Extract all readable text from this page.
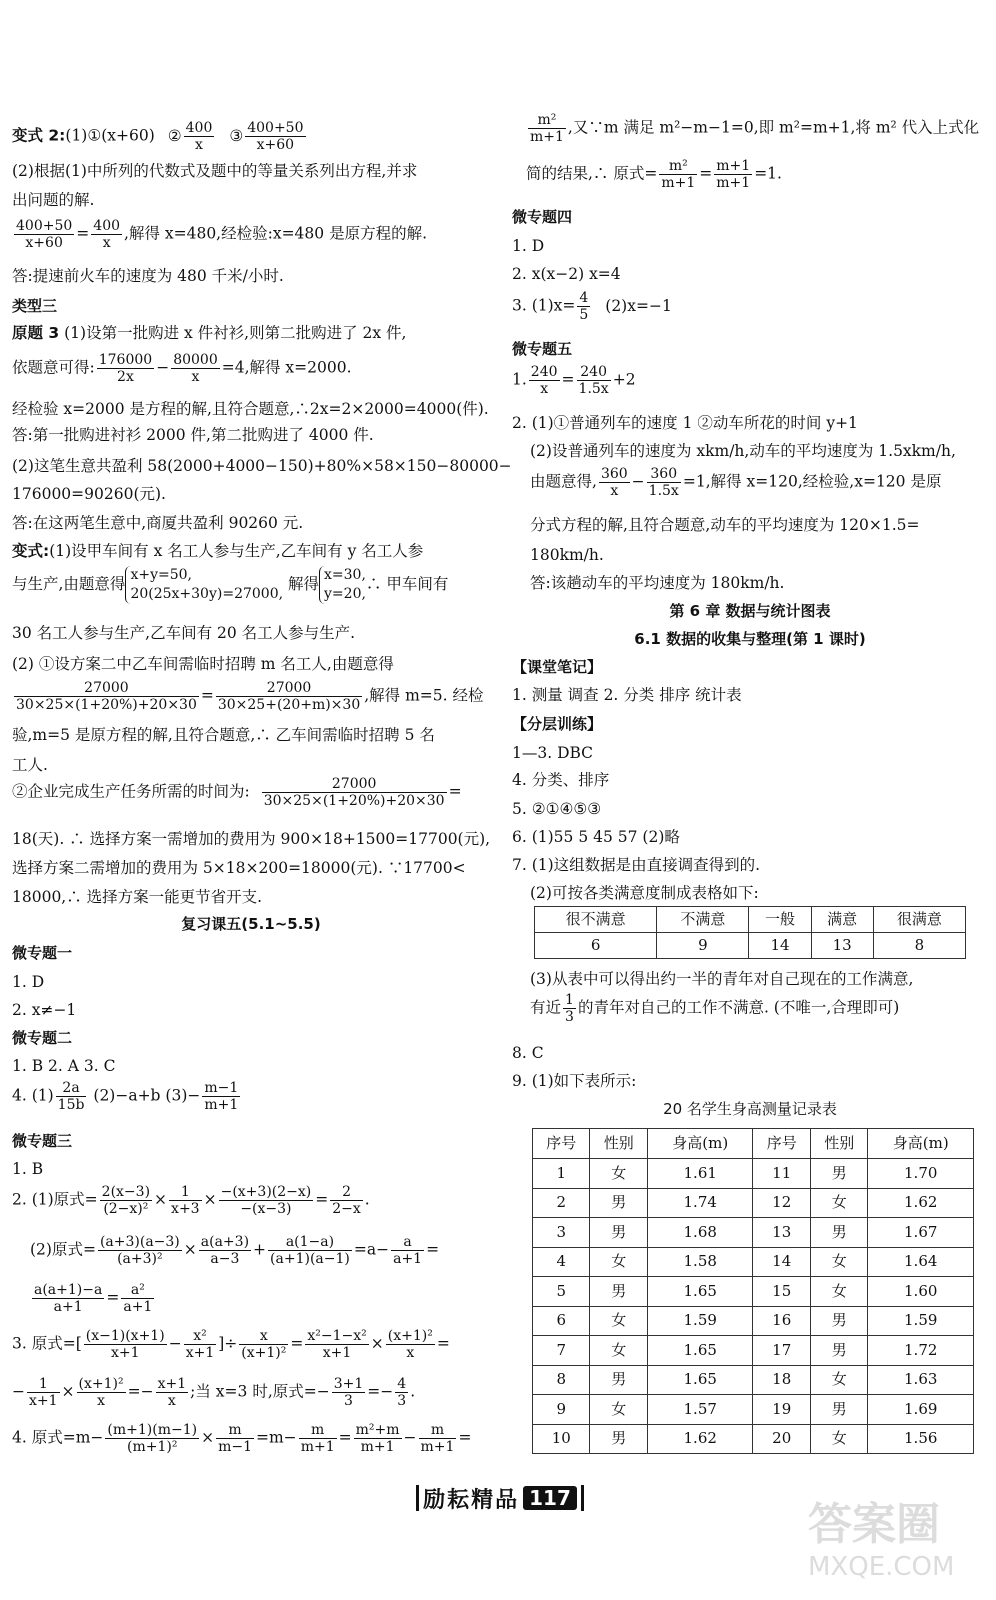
变式 2:(1)①(x+60) ② $\frac{400}{x}$ ③ $\frac{400+50}{x+60}$
(2)根据(1)中所列的代数式及题中的等量关系列出方程,并求
出问题的解.
$\frac{400+50}{x+60} = \frac{400}{x}$ ,解得 x=480,经检验:x=480 是原方程的解.
答:提速前火车的速度为 480 千米/小时.
类型三
原题 3 (1)设第一批购进 x 件衬衫,则第二批购进了 2x 件,
依题意可得: $\frac{176000}{2x} - \frac{80000}{x} =4$,解得 x=2000.
经检验 x=2000 是方程的解,且符合题意,∴2x=2×2000=4000(件).
答:第一批购进衬衫 2000 件,第二批购进了 4000 件.
(2)这笔生意共盈利 58(2000+4000−150)+80%×58×150−80000−
176000=90260(元).
答:在这两笔生意中,商厦共盈利 90260 元.
变式:(1)设甲车间有 x 名工人参与生产,乙车间有 y 名工人参
与生产,由题意得 x+y=50,
20(25x+30y)=27000,
解得 x=30,
y=20,
∴ 甲车间有
30 名工人参与生产,乙车间有 20 名工人参与生产.
(2) ①设方案二中乙车间需临时招聘 m 名工人,由题意得
$\frac{27000}{30\times 25\times(1+20\%)+20\times 30} = \frac{27000}{30\times 25+(20+m)\times 30}$ ,解得 m=5. 经检
验,m=5 是原方程的解,且符合题意,∴ 乙车间需临时招聘 5 名
工人.
②企业完成生产任务所需的时间为: $\frac{27000}{30\times 25\times(1+20\%)+20\times 30}$ =
18(天). ∴ 选择方案一需增加的费用为 900×18+1500=17700(元),
选择方案二需增加的费用为 5×18×200=18000(元). ∵17700<
18000,∴ 选择方案一能更节省开支.
复习课五(5.1~5.5)
微专题一
1. D
2. x≠−1
微专题二
1. B 2. A 3. C
4. $(1) \frac{2a}{15b} (2)-a+b$ $(3)- \frac{m-1}{m+1}$
微专题三
1. B
2. (1)原式= $\frac{2(x-3)}{\text{(2−x)²}} \times \frac{1}{x+3} \times \frac{-(x+3)(2-x)}{-(x-3)} = \frac{2}{2-x}$ .
(2)原式= $\frac{(a+3)(a-3)}{\text{(a+3)²}} \times \frac{a(a+3)}{a-3} + \frac{a(1-a)}{(a+1)(a-1)} =a- \frac{a}{a+1}$ =
$\frac{a(a+1)-a}{a+1} = \frac{\text{a²}}{a+1}$
3. 原式=[ $\frac{(x-1)(x+1)}{x+1} - \frac{\text{x²}}{x+1}$ ]÷ $\frac{x}{\text{(x+1)²}} = \frac{\text{x²−1−x²}}{x+1} \times \frac{\text{(x+1)²}}{x}$ =
− $\frac{1}{x+1} \times \frac{\text{(x+1)²}}{x} =- \frac{x+1}{x}$ ;当 x=3 时,原式=− $\frac{3+1}{3} =- \frac{4}{3}$ .
4. 原式$=m- \frac{(m+1)(m-1)}{\text{(m+1)²}} \times \frac{m}{m-1} =m- \frac{m}{m+1} = \frac{\text{m²+m}}{m+1} - \frac{m}{m+1}$ =
$\frac{\text{m²}}{m+1}$ ,又∵m 满足 m²−m−1=0,即 m²=m+1,将 m² 代入上式化
简的结果,∴ 原式= $\frac{\text{m²}}{m+1} = \frac{m+1}{m+1} =1$.
微专题四
1. D
2. x(x−2) x=4
3. $(1)x= \frac{4}{5} (2)x=-1$
微专题五
1. $\frac{240}{x} = \frac{240}{1.5x} +2$
2. (1)①普通列车的速度 1 ②动车所花的时间 y+1
(2)设普通列车的速度为 xkm/h,动车的平均速度为 1.5xkm/h,
由题意得, $\frac{360}{x} - \frac{360}{1.5x} =1$,解得 x=120,经检验,x=120 是原
分式方程的解,且符合题意,动车的平均速度为 120×1.5=
180km/h.
答:该趟动车的平均速度为 180km/h.
第 6 章 数据与统计图表
6.1 数据的收集与整理(第 1 课时)
【课堂笔记】
1. 测量 调查 2. 分类 排序 统计表
【分层训练】
1—3. DBC
4. 分类、排序
5. ②①④⑤③
6. (1)55 5 45 57 (2)略
7. (1)这组数据是由直接调查得到的.
(2)可按各类满意度制成表格如下:
很不满意	不满意	一般	满意	很满意
6	9	14	13	8
(3)从表中可以得出约一半的青年对自己现在的工作满意,
有近 $\frac{1}{3}$ 的青年对自己的工作不满意. (不唯一,合理即可)
8. C
9. (1)如下表所示:
20 名学生身高测量记录表
序号	性别	身高(m)	序号	性别	身高(m)
1	女	1.61	11	男	1.70
2	男	1.74	12	女	1.62
3	男	1.68	13	男	1.67
4	女	1.58	14	女	1.64
5	男	1.65	15	女	1.60
6	女	1.59	16	男	1.59
7	女	1.65	17	男	1.72
8	男	1.65	18	女	1.63
9	女	1.57	19	男	1.69
10	男	1.62	20	女	1.56
励耘精品 117
答案圈
MXQE.COM
